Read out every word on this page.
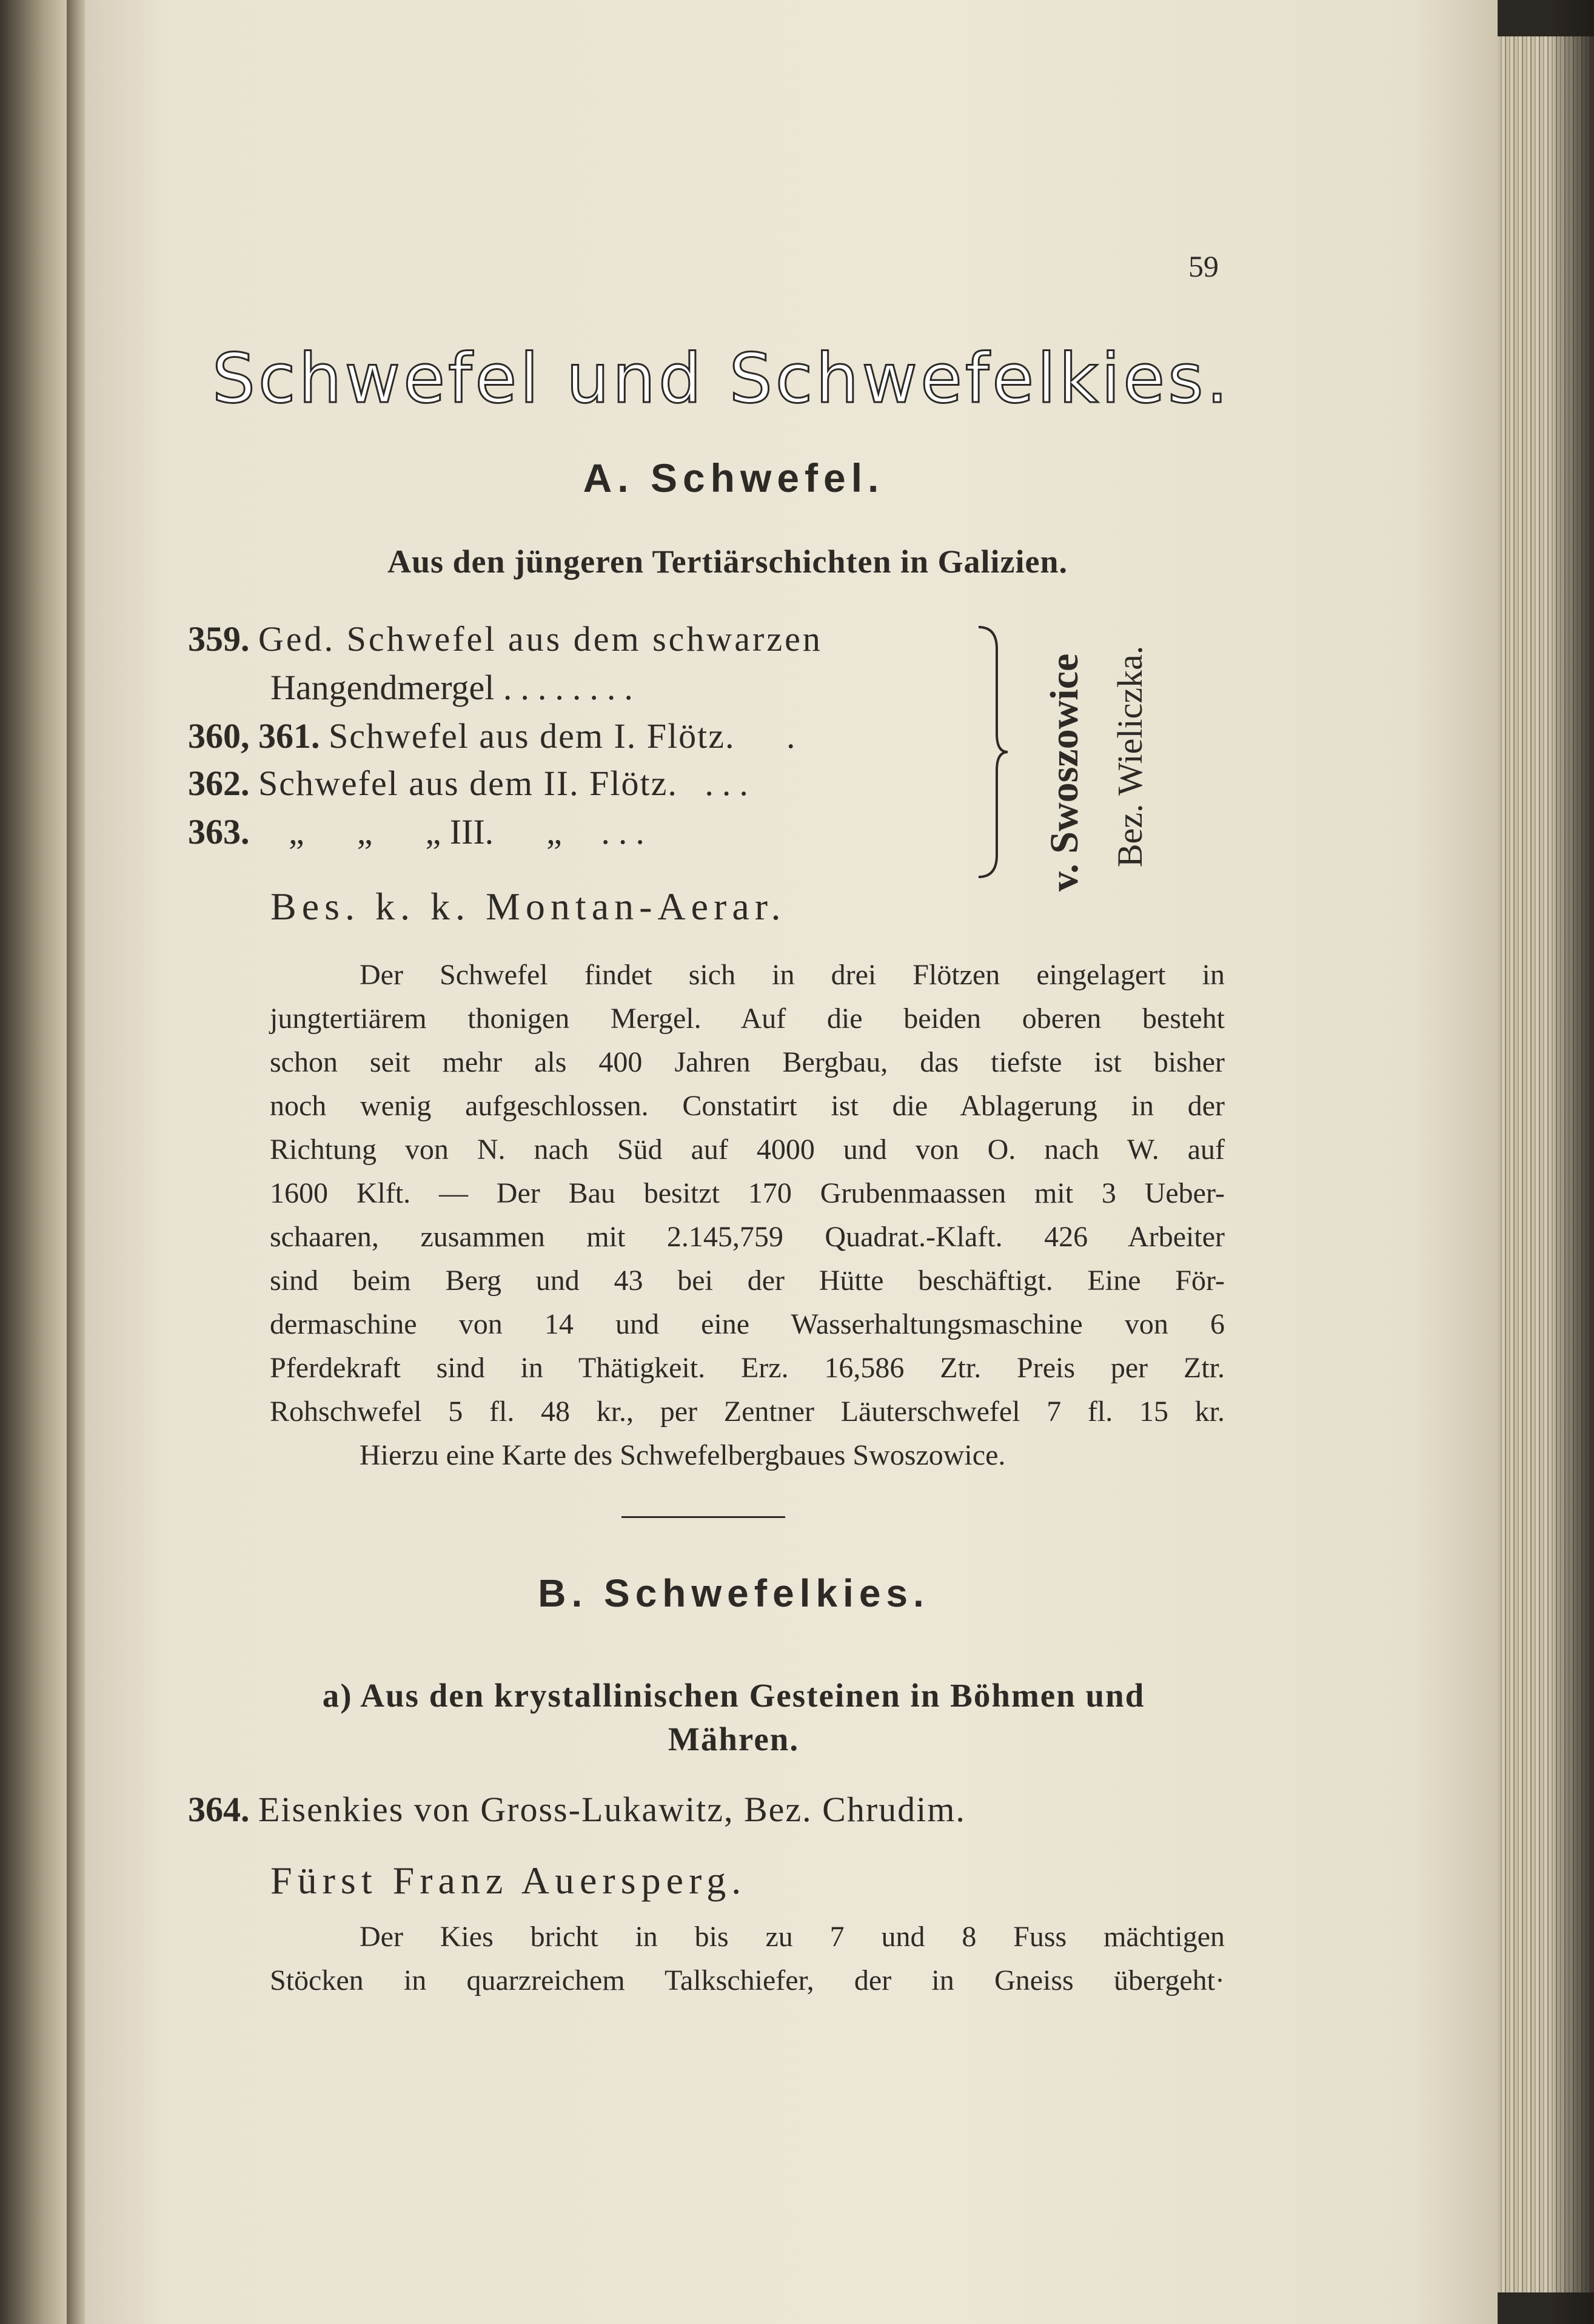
59
Schwefel und Schwefelkies.
A. Schwefel.
Aus den jüngeren Tertiärschichten in Galizien.
359. Ged. Schwefel aus dem schwarzen
Hangendmergel ........
360, 361. Schwefel aus dem I. Flötz. .
362. Schwefel aus dem II. Flötz. ...
363. „      „      „ III.      „ ...	v. Swoszowice Bez. Wieliczka.
Bes. k. k. Montan-Aerar.
Der Schwefel findet sich in drei Flötzen eingelagert in
jungtertiärem thonigen Mergel. Auf die beiden oberen besteht
schon seit mehr als 400 Jahren Bergbau, das tiefste ist bisher
noch wenig aufgeschlossen. Constatirt ist die Ablagerung in der
Richtung von N. nach Süd auf 4000 und von O. nach W. auf
1600 Klft. — Der Bau besitzt 170 Grubenmaassen mit 3 Ueber-
schaaren, zusammen mit 2.145,759 Quadrat.-Klaft. 426 Arbeiter
sind beim Berg und 43 bei der Hütte beschäftigt. Eine För-
dermaschine von 14 und eine Wasserhaltungsmaschine von 6
Pferdekraft sind in Thätigkeit. Erz. 16,586 Ztr. Preis per Ztr.
Rohschwefel 5 fl. 48 kr., per Zentner Läuterschwefel 7 fl. 15 kr.
Hierzu eine Karte des Schwefelbergbaues Swoszowice.
B. Schwefelkies.
a) Aus den krystallinischen Gesteinen in Böhmen und
Mähren.
364. Eisenkies von Gross-Lukawitz, Bez. Chrudim.
Fürst Franz Auersperg.
Der Kies bricht in bis zu 7 und 8 Fuss mächtigen
Stöcken in quarzreichem Talkschiefer, der in Gneiss übergeht·
